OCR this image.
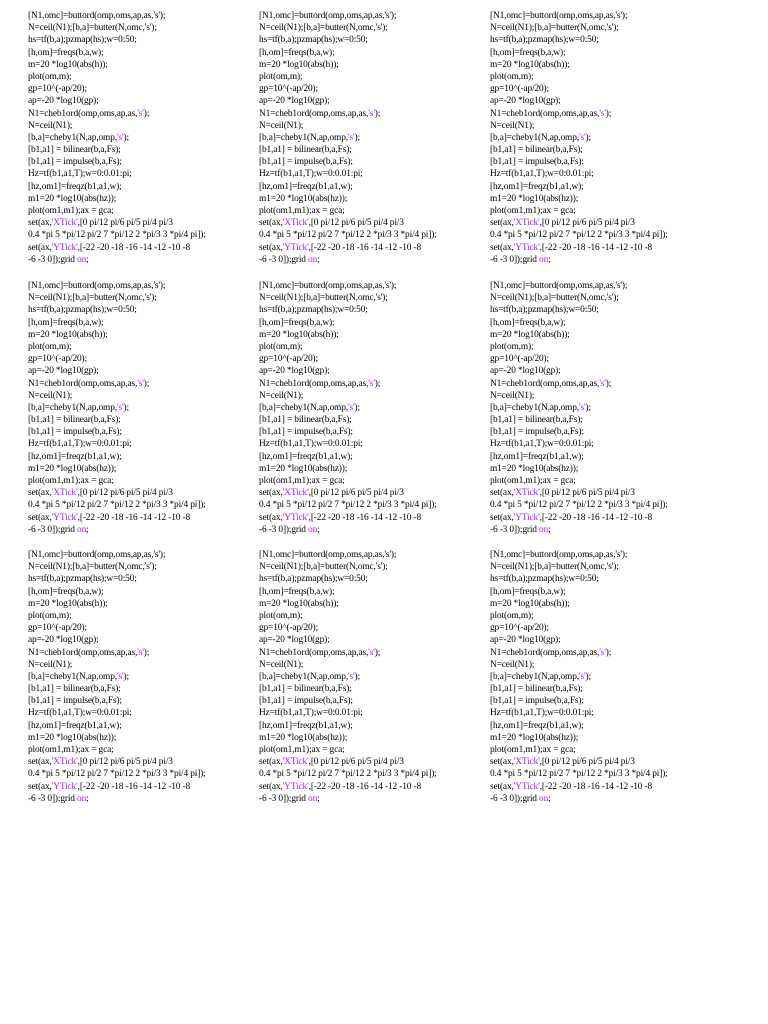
[N1,omc]=buttord(omp,oms,ap,as,'s');
N=ceil(N1);[b,a]=butter(N,omc,'s');
hs=tf(b,a);pzmap(hs);w=0:50;
[h,om]=freqs(b,a,w);
m=20 *log10(abs(h));
plot(om,m);
gp=10^(-ap/20);
ap=-20 *log10(gp);
N1=cheb1ord(omp,oms,ap,as,'s');
N=ceil(N1);
[b,a]=cheby1(N,ap,omp,'s');
[b1,a1] = bilinear(b,a,Fs);
[b1,a1] = impulse(b,a,Fs);
Hz=tf(b1,a1,T);w=0:0.01:pi;
[hz,om1]=freqz(b1,a1,w);
m1=20 *log10(abs(hz));
plot(om1,m1);ax = gca;
set(ax,'XTick',[0 pi/12 pi/6 pi/5 pi/4 pi/3
0.4 *pi 5 *pi/12 pi/2 7 *pi/12 2 *pi/3 3 *pi/4 pi]);
set(ax,'YTick',[-22 -20 -18 -16 -14 -12 -10 -8
-6 -3 0]);grid on;
[N1,omc]=buttord(omp,oms,ap,as,'s');
N=ceil(N1);[b,a]=butter(N,omc,'s');
hs=tf(b,a);pzmap(hs);w=0:50;
[h,om]=freqs(b,a,w);
m=20 *log10(abs(h));
plot(om,m);
gp=10^(-ap/20);
ap=-20 *log10(gp);
N1=cheb1ord(omp,oms,ap,as,'s');
N=ceil(N1);
[b,a]=cheby1(N,ap,omp,'s');
[b1,a1] = bilinear(b,a,Fs);
[b1,a1] = impulse(b,a,Fs);
Hz=tf(b1,a1,T);w=0:0.01:pi;
[hz,om1]=freqz(b1,a1,w);
m1=20 *log10(abs(hz));
plot(om1,m1);ax = gca;
set(ax,'XTick',[0 pi/12 pi/6 pi/5 pi/4 pi/3
0.4 *pi 5 *pi/12 pi/2 7 *pi/12 2 *pi/3 3 *pi/4 pi]);
set(ax,'YTick',[-22 -20 -18 -16 -14 -12 -10 -8
-6 -3 0]);grid on;
[N1,omc]=buttord(omp,oms,ap,as,'s');
N=ceil(N1);[b,a]=butter(N,omc,'s');
hs=tf(b,a);pzmap(hs);w=0:50;
[h,om]=freqs(b,a,w);
m=20 *log10(abs(h));
plot(om,m);
gp=10^(-ap/20);
ap=-20 *log10(gp);
N1=cheb1ord(omp,oms,ap,as,'s');
N=ceil(N1);
[b,a]=cheby1(N,ap,omp,'s');
[b1,a1] = bilinear(b,a,Fs);
[b1,a1] = impulse(b,a,Fs);
Hz=tf(b1,a1,T);w=0:0.01:pi;
[hz,om1]=freqz(b1,a1,w);
m1=20 *log10(abs(hz));
plot(om1,m1);ax = gca;
set(ax,'XTick',[0 pi/12 pi/6 pi/5 pi/4 pi/3
0.4 *pi 5 *pi/12 pi/2 7 *pi/12 2 *pi/3 3 *pi/4 pi]);
set(ax,'YTick',[-22 -20 -18 -16 -14 -12 -10 -8
-6 -3 0]);grid on;
[N1,omc]=buttord(omp,oms,ap,as,'s');
N=ceil(N1);[b,a]=butter(N,omc,'s');
hs=tf(b,a);pzmap(hs);w=0:50;
[h,om]=freqs(b,a,w);
m=20 *log10(abs(h));
plot(om,m);
gp=10^(-ap/20);
ap=-20 *log10(gp);
N1=cheb1ord(omp,oms,ap,as,'s');
N=ceil(N1);
[b,a]=cheby1(N,ap,omp,'s');
[b1,a1] = bilinear(b,a,Fs);
[b1,a1] = impulse(b,a,Fs);
Hz=tf(b1,a1,T);w=0:0.01:pi;
[hz,om1]=freqz(b1,a1,w);
m1=20 *log10(abs(hz));
plot(om1,m1);ax = gca;
set(ax,'XTick',[0 pi/12 pi/6 pi/5 pi/4 pi/3
0.4 *pi 5 *pi/12 pi/2 7 *pi/12 2 *pi/3 3 *pi/4 pi]);
set(ax,'YTick',[-22 -20 -18 -16 -14 -12 -10 -8
-6 -3 0]);grid on;
[N1,omc]=buttord(omp,oms,ap,as,'s');
N=ceil(N1);[b,a]=butter(N,omc,'s');
hs=tf(b,a);pzmap(hs);w=0:50;
[h,om]=freqs(b,a,w);
m=20 *log10(abs(h));
plot(om,m);
gp=10^(-ap/20);
ap=-20 *log10(gp);
N1=cheb1ord(omp,oms,ap,as,'s');
N=ceil(N1);
[b,a]=cheby1(N,ap,omp,'s');
[b1,a1] = bilinear(b,a,Fs);
[b1,a1] = impulse(b,a,Fs);
Hz=tf(b1,a1,T);w=0:0.01:pi;
[hz,om1]=freqz(b1,a1,w);
m1=20 *log10(abs(hz));
plot(om1,m1);ax = gca;
set(ax,'XTick',[0 pi/12 pi/6 pi/5 pi/4 pi/3
0.4 *pi 5 *pi/12 pi/2 7 *pi/12 2 *pi/3 3 *pi/4 pi]);
set(ax,'YTick',[-22 -20 -18 -16 -14 -12 -10 -8
-6 -3 0]);grid on;
[N1,omc]=buttord(omp,oms,ap,as,'s');
N=ceil(N1);[b,a]=butter(N,omc,'s');
hs=tf(b,a);pzmap(hs);w=0:50;
[h,om]=freqs(b,a,w);
m=20 *log10(abs(h));
plot(om,m);
gp=10^(-ap/20);
ap=-20 *log10(gp);
N1=cheb1ord(omp,oms,ap,as,'s');
N=ceil(N1);
[b,a]=cheby1(N,ap,omp,'s');
[b1,a1] = bilinear(b,a,Fs);
[b1,a1] = impulse(b,a,Fs);
Hz=tf(b1,a1,T);w=0:0.01:pi;
[hz,om1]=freqz(b1,a1,w);
m1=20 *log10(abs(hz));
plot(om1,m1);ax = gca;
set(ax,'XTick',[0 pi/12 pi/6 pi/5 pi/4 pi/3
0.4 *pi 5 *pi/12 pi/2 7 *pi/12 2 *pi/3 3 *pi/4 pi]);
set(ax,'YTick',[-22 -20 -18 -16 -14 -12 -10 -8
-6 -3 0]);grid on;
[N1,omc]=buttord(omp,oms,ap,as,'s');
N=ceil(N1);[b,a]=butter(N,omc,'s');
hs=tf(b,a);pzmap(hs);w=0:50;
[h,om]=freqs(b,a,w);
m=20 *log10(abs(h));
plot(om,m);
gp=10^(-ap/20);
ap=-20 *log10(gp);
N1=cheb1ord(omp,oms,ap,as,'s');
N=ceil(N1);
[b,a]=cheby1(N,ap,omp,'s');
[b1,a1] = bilinear(b,a,Fs);
[b1,a1] = impulse(b,a,Fs);
Hz=tf(b1,a1,T);w=0:0.01:pi;
[hz,om1]=freqz(b1,a1,w);
m1=20 *log10(abs(hz));
plot(om1,m1);ax = gca;
set(ax,'XTick',[0 pi/12 pi/6 pi/5 pi/4 pi/3
0.4 *pi 5 *pi/12 pi/2 7 *pi/12 2 *pi/3 3 *pi/4 pi]);
set(ax,'YTick',[-22 -20 -18 -16 -14 -12 -10 -8
-6 -3 0]);grid on;
[N1,omc]=buttord(omp,oms,ap,as,'s');
N=ceil(N1);[b,a]=butter(N,omc,'s');
hs=tf(b,a);pzmap(hs);w=0:50;
[h,om]=freqs(b,a,w);
m=20 *log10(abs(h));
plot(om,m);
gp=10^(-ap/20);
ap=-20 *log10(gp);
N1=cheb1ord(omp,oms,ap,as,'s');
N=ceil(N1);
[b,a]=cheby1(N,ap,omp,'s');
[b1,a1] = bilinear(b,a,Fs);
[b1,a1] = impulse(b,a,Fs);
Hz=tf(b1,a1,T);w=0:0.01:pi;
[hz,om1]=freqz(b1,a1,w);
m1=20 *log10(abs(hz));
plot(om1,m1);ax = gca;
set(ax,'XTick',[0 pi/12 pi/6 pi/5 pi/4 pi/3
0.4 *pi 5 *pi/12 pi/2 7 *pi/12 2 *pi/3 3 *pi/4 pi]);
set(ax,'YTick',[-22 -20 -18 -16 -14 -12 -10 -8
-6 -3 0]);grid on;
[N1,omc]=buttord(omp,oms,ap,as,'s');
N=ceil(N1);[b,a]=butter(N,omc,'s');
hs=tf(b,a);pzmap(hs);w=0:50;
[h,om]=freqs(b,a,w);
m=20 *log10(abs(h));
plot(om,m);
gp=10^(-ap/20);
ap=-20 *log10(gp);
N1=cheb1ord(omp,oms,ap,as,'s');
N=ceil(N1);
[b,a]=cheby1(N,ap,omp,'s');
[b1,a1] = bilinear(b,a,Fs);
[b1,a1] = impulse(b,a,Fs);
Hz=tf(b1,a1,T);w=0:0.01:pi;
[hz,om1]=freqz(b1,a1,w);
m1=20 *log10(abs(hz));
plot(om1,m1);ax = gca;
set(ax,'XTick',[0 pi/12 pi/6 pi/5 pi/4 pi/3
0.4 *pi 5 *pi/12 pi/2 7 *pi/12 2 *pi/3 3 *pi/4 pi]);
set(ax,'YTick',[-22 -20 -18 -16 -14 -12 -10 -8
-6 -3 0]);grid on;
